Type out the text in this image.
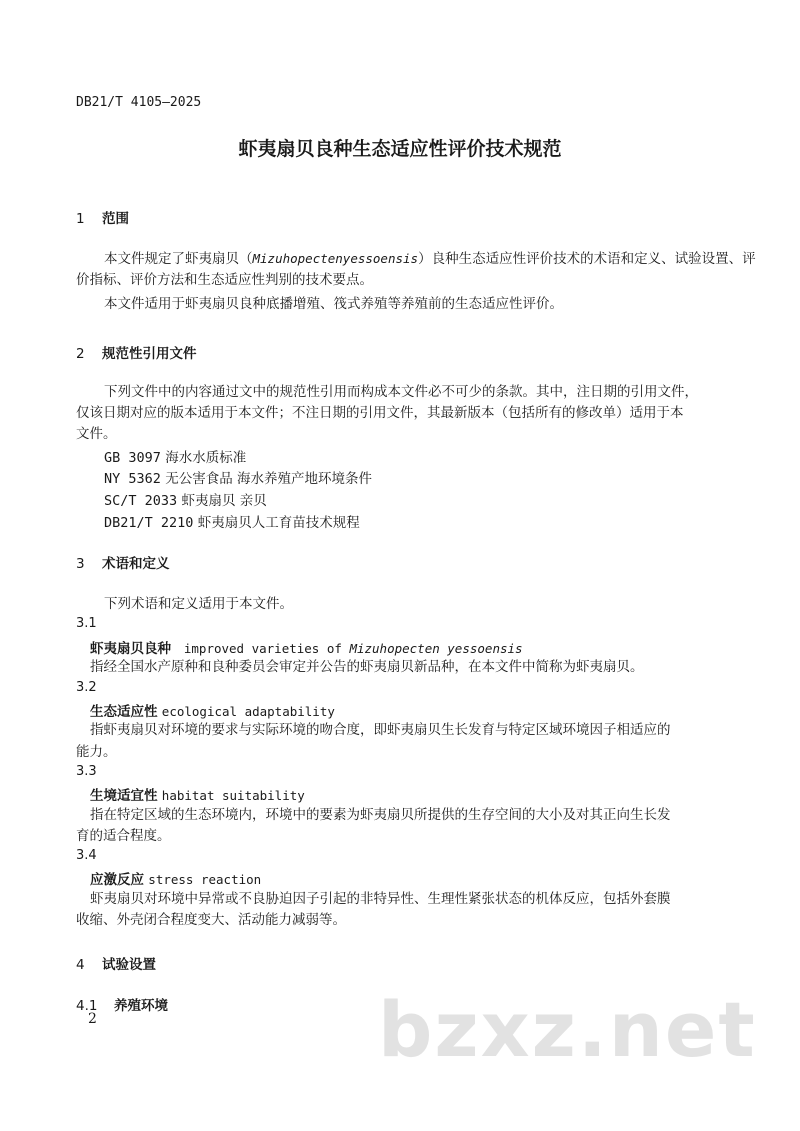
DB21/T 4105—2025
虾夷扇贝良种生态适应性评价技术规范
1 范围
本文件规定了虾夷扇贝（Mizuhopectenyessoensis）良种生态适应性评价技术的术语和定义、试验设置、评
价指标、评价方法和生态适应性判别的技术要点。
本文件适用于虾夷扇贝良种底播增殖、筏式养殖等养殖前的生态适应性评价。
2 规范性引用文件
下列文件中的内容通过文中的规范性引用而构成本文件必不可少的条款。其中，注日期的引用文件，
仅该日期对应的版本适用于本文件；不注日期的引用文件，其最新版本（包括所有的修改单）适用于本
文件。
GB 3097 海水水质标准
NY 5362 无公害食品 海水养殖产地环境条件
SC/T 2033 虾夷扇贝 亲贝
DB21/T 2210 虾夷扇贝人工育苗技术规程
3 术语和定义
下列术语和定义适用于本文件。
3.1
虾夷扇贝良种 improved varieties of Mizuhopecten yessoensis
指经全国水产原种和良种委员会审定并公告的虾夷扇贝新品种，在本文件中简称为虾夷扇贝。
3.2
生态适应性 ecological adaptability
指虾夷扇贝对环境的要求与实际环境的吻合度，即虾夷扇贝生长发育与特定区域环境因子相适应的
能力。
3.3
生境适宜性 habitat suitability
指在特定区域的生态环境内，环境中的要素为虾夷扇贝所提供的生存空间的大小及对其正向生长发
育的适合程度。
3.4
应激反应 stress reaction
虾夷扇贝对环境中异常或不良胁迫因子引起的非特异性、生理性紧张状态的机体反应，包括外套膜
收缩、外壳闭合程度变大、活动能力减弱等。
4 试验设置
4.1 养殖环境	bzxz.net
2
